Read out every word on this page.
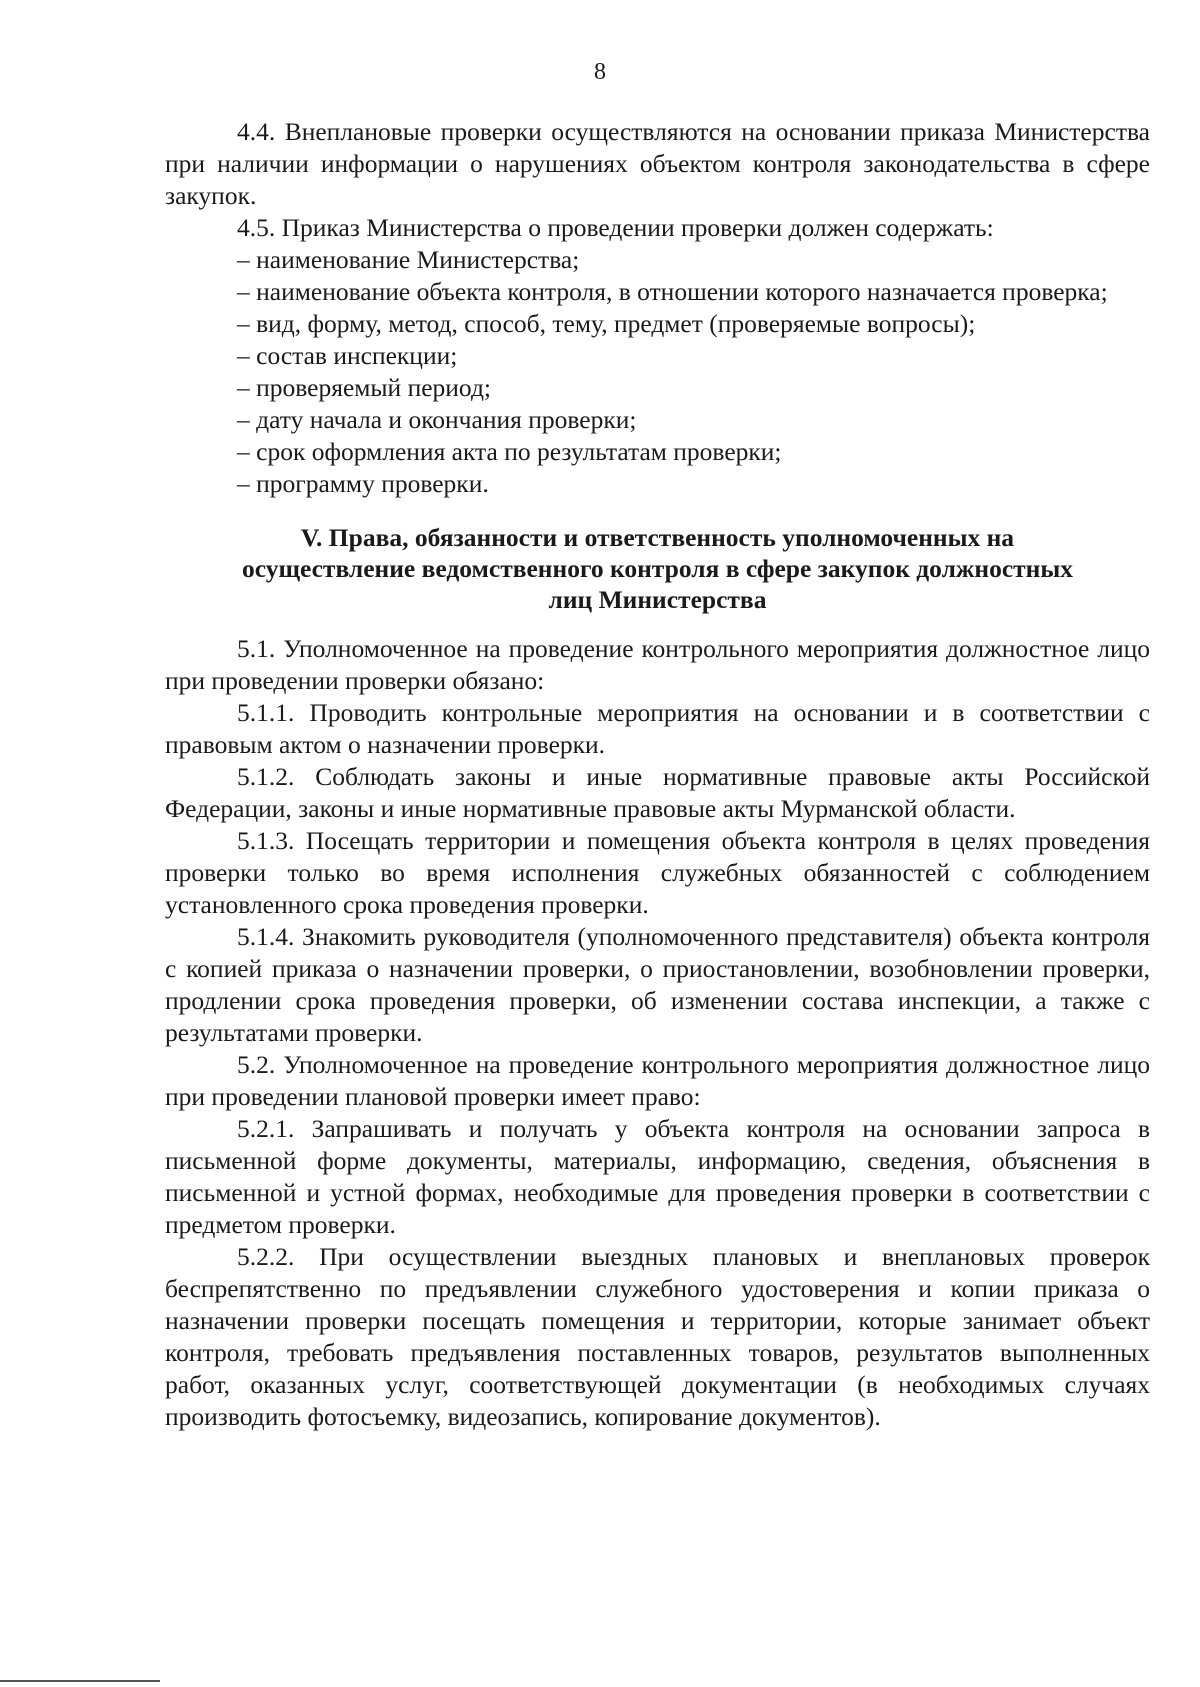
8

4.4. Внеплановые проверки осуществляются на основании приказа Министерства при наличии информации о нарушениях объектом контроля законодательства в сфере закупок.

4.5. Приказ Министерства о проведении проверки должен содержать:

– наименование Министерства;

– наименование объекта контроля, в отношении которого назначается проверка;

– вид, форму, метод, способ, тему, предмет (проверяемые вопросы);

– состав инспекции;

– проверяемый период;

– дату начала и окончания проверки;

– срок оформления акта по результатам проверки;

– программу проверки.

V. Права, обязанности и ответственность уполномоченных на
осуществление ведомственного контроля в сфере закупок должностных
лиц Министерства

5.1. Уполномоченное на проведение контрольного мероприятия должностное лицо при проведении проверки обязано:

5.1.1. Проводить контрольные мероприятия на основании и в соответствии с правовым актом о назначении проверки.

5.1.2. Соблюдать законы и иные нормативные правовые акты Российской Федерации, законы и иные нормативные правовые акты Мурманской области.

5.1.3. Посещать территории и помещения объекта контроля в целях проведения проверки только во время исполнения служебных обязанностей с соблюдением установленного срока проведения проверки.

5.1.4. Знакомить руководителя (уполномоченного представителя) объекта контроля с копией приказа о назначении проверки, о приостановлении, возобновлении проверки, продлении срока проведения проверки, об изменении состава инспекции, а также с результатами проверки.

5.2. Уполномоченное на проведение контрольного мероприятия должностное лицо при проведении плановой проверки имеет право:

5.2.1. Запрашивать и получать у объекта контроля на основании запроса в письменной форме документы, материалы, информацию, сведения, объяснения в письменной и устной формах, необходимые для проведения проверки в соответствии с предметом проверки.

5.2.2. При осуществлении выездных плановых и внеплановых проверок беспрепятственно по предъявлении служебного удостоверения и копии приказа о назначении проверки посещать помещения и территории, которые занимает объект контроля, требовать предъявления поставленных товаров, результатов выполненных работ, оказанных услуг, соответствующей документации (в необходимых случаях производить фотосъемку, видеозапись, копирование документов).
